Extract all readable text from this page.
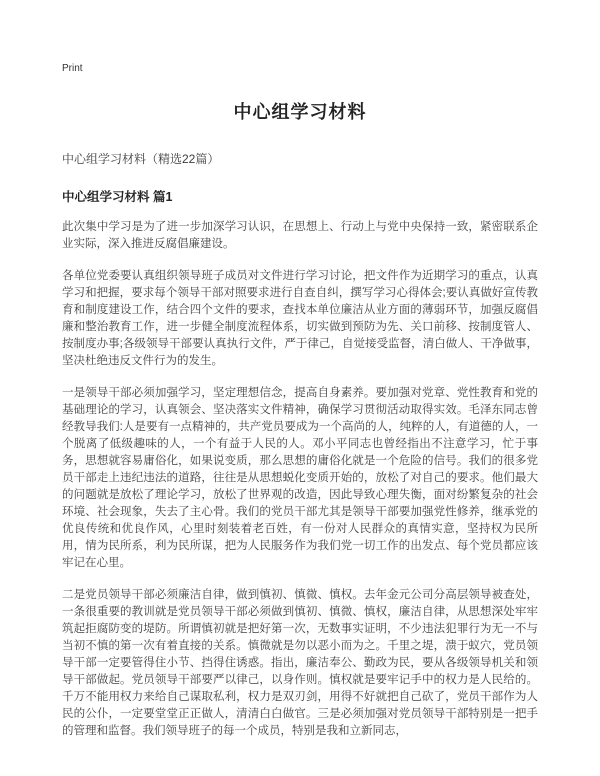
Print
中心组学习材料
中心组学习材料（精选22篇）
中心组学习材料 篇1

此次集中学习是为了进一步加深学习认识，在思想上、行动上与党中央保持一致，紧密联系企业实际，深入推进反腐倡廉建设。

各单位党委要认真组织领导班子成员对文件进行学习讨论，把文件作为近期学习的重点，认真学习和把握，要求每个领导干部对照要求进行自查自纠，撰写学习心得体会;要认真做好宣传教育和制度建设工作，结合四个文件的要求，查找本单位廉洁从业方面的薄弱环节，加强反腐倡廉和整治教育工作，进一步健全制度流程体系，切实做到预防为先、关口前移、按制度管人、按制度办事;各级领导干部要认真执行文件，严于律己，自觉接受监督，清白做人、干净做事，坚决杜绝违反文件行为的发生。

一是领导干部必须加强学习，坚定理想信念，提高自身素养。要加强对党章、党性教育和党的基础理论的学习，认真领会、坚决落实文件精神，确保学习贯彻活动取得实效。毛泽东同志曾经教导我们:人是要有一点精神的，共产党员要成为一个高尚的人，纯粹的人，有道德的人，一个脱离了低级趣味的人，一个有益于人民的人。邓小平同志也曾经指出不注意学习，忙于事务，思想就容易庸俗化，如果说变质，那么思想的庸俗化就是一个危险的信号。我们的很多党员干部走上违纪违法的道路，往往是从思想蜕化变质开始的，放松了对自己的要求。他们最大的问题就是放松了理论学习，放松了世界观的改造，因此导致心理失衡，面对纷繁复杂的社会环境、社会现象，失去了主心骨。我们的党员干部尤其是领导干部要加强党性修养，继承党的优良传统和优良作风，心里时刻装着老百姓，有一份对人民群众的真情实意，坚持权为民所用，情为民所系，利为民所谋，把为人民服务作为我们党一切工作的出发点、每个党员都应该牢记在心里。

二是党员领导干部必须廉洁自律，做到慎初、慎微、慎权。去年金元公司分高层领导被查处，一条很重要的教训就是党员领导干部必须做到慎初、慎微、慎权，廉洁自律，从思想深处牢牢筑起拒腐防变的堤防。所谓慎初就是把好第一次，无数事实证明，不少违法犯罪行为无一不与当初不慎的第一次有着直接的关系。慎微就是勿以恶小而为之。千里之堤，溃于蚁穴，党员领导干部一定要管得住小节、挡得住诱惑。指出，廉洁奉公、勤政为民，要从各级领导机关和领导干部做起。党员领导干部要严以律己，以身作则。慎权就是要牢记手中的权力是人民给的。千万不能用权力来给自己谋取私利，权力是双刃剑，用得不好就把自己砍了，党员干部作为人民的公仆，一定要堂堂正正做人，清清白白做官。三是必须加强对党员领导干部特别是一把手的管理和监督。我们领导班子的每一个成员，特别是我和立新同志，
